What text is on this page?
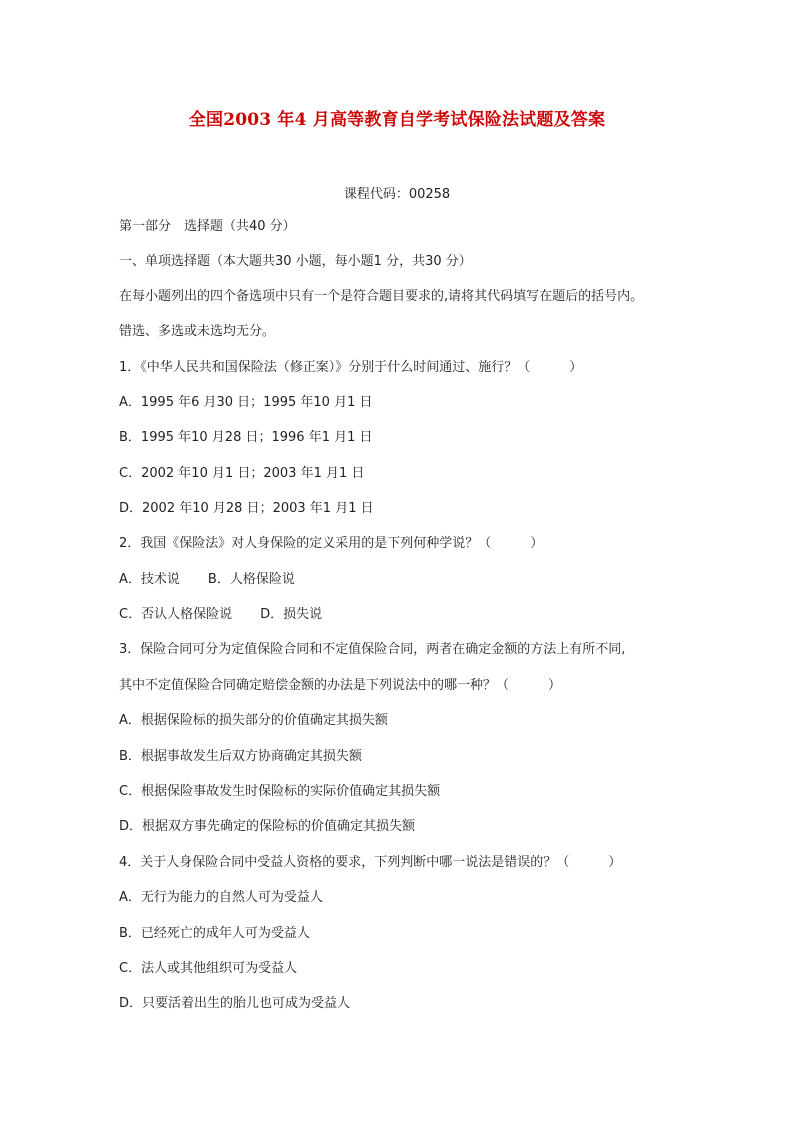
全国2003 年4 月高等教育自学考试保险法试题及答案
课程代码：00258
第一部分　选择题（共40 分）
一、单项选择题（本大题共30 小题，每小题1 分，共30 分）
在每小题列出的四个备选项中只有一个是符合题目要求的,请将其代码填写在题后的括号内。
错选、多选或未选均无分。
1．《中华人民共和国保险法（修正案）》分别于什么时间通过、施行？（　　　）
A．1995 年6 月30 日；1995 年10 月1 日
B．1995 年10 月28 日；1996 年1 月1 日
C．2002 年10 月1 日；2003 年1 月1 日
D．2002 年10 月28 日；2003 年1 月1 日
2．我国《保险法》对人身保险的定义采用的是下列何种学说？（　　　）
A．技术说 B．人格保险说
C．否认人格保险说 D．损失说
3．保险合同可分为定值保险合同和不定值保险合同，两者在确定金额的方法上有所不同,
其中不定值保险合同确定赔偿金额的办法是下列说法中的哪一种？（　　　）
A．根据保险标的损失部分的价值确定其损失额
B．根据事故发生后双方协商确定其损失额
C．根据保险事故发生时保险标的实际价值确定其损失额
D．根据双方事先确定的保险标的价值确定其损失额
4．关于人身保险合同中受益人资格的要求，下列判断中哪一说法是错误的？（　　　）
A．无行为能力的自然人可为受益人
B．已经死亡的成年人可为受益人
C．法人或其他组织可为受益人
D．只要活着出生的胎儿也可成为受益人
